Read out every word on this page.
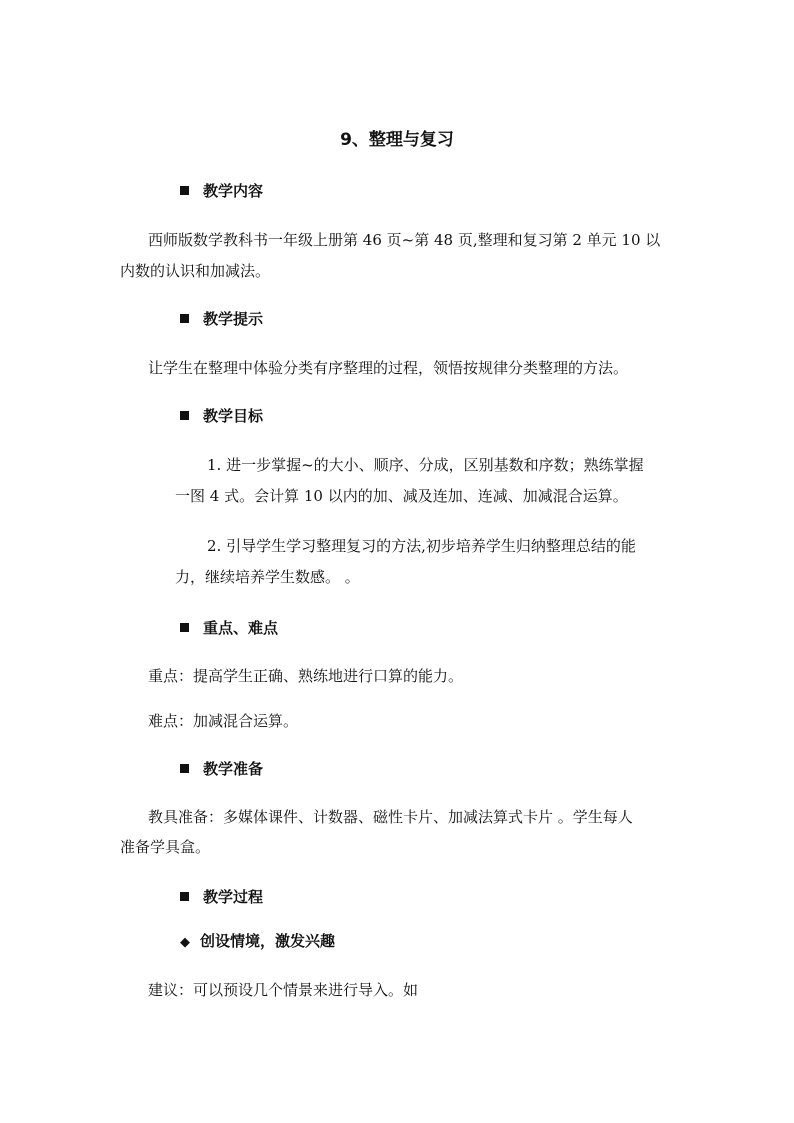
9、整理与复习
教学内容
西师版数学教科书一年级上册第 46 页~第 48 页,整理和复习第 2 单元 10 以
内数的认识和加减法。
教学提示
让学生在整理中体验分类有序整理的过程，领悟按规律分类整理的方法。
教学目标
1. 进一步掌握~的大小、顺序、分成，区别基数和序数；熟练掌握
一图 4 式。会计算 10 以内的加、减及连加、连减、加减混合运算。
2. 引导学生学习整理复习的方法,初步培养学生归纳整理总结的能
力，继续培养学生数感。 。
重点、难点
重点：提高学生正确、熟练地进行口算的能力。
难点：加减混合运算。
教学准备
教具准备：多媒体课件、计数器、磁性卡片、加减法算式卡片 。学生每人
准备学具盒。
教学过程
◆ 创设情境，激发兴趣
建议：可以预设几个情景来进行导入。如
